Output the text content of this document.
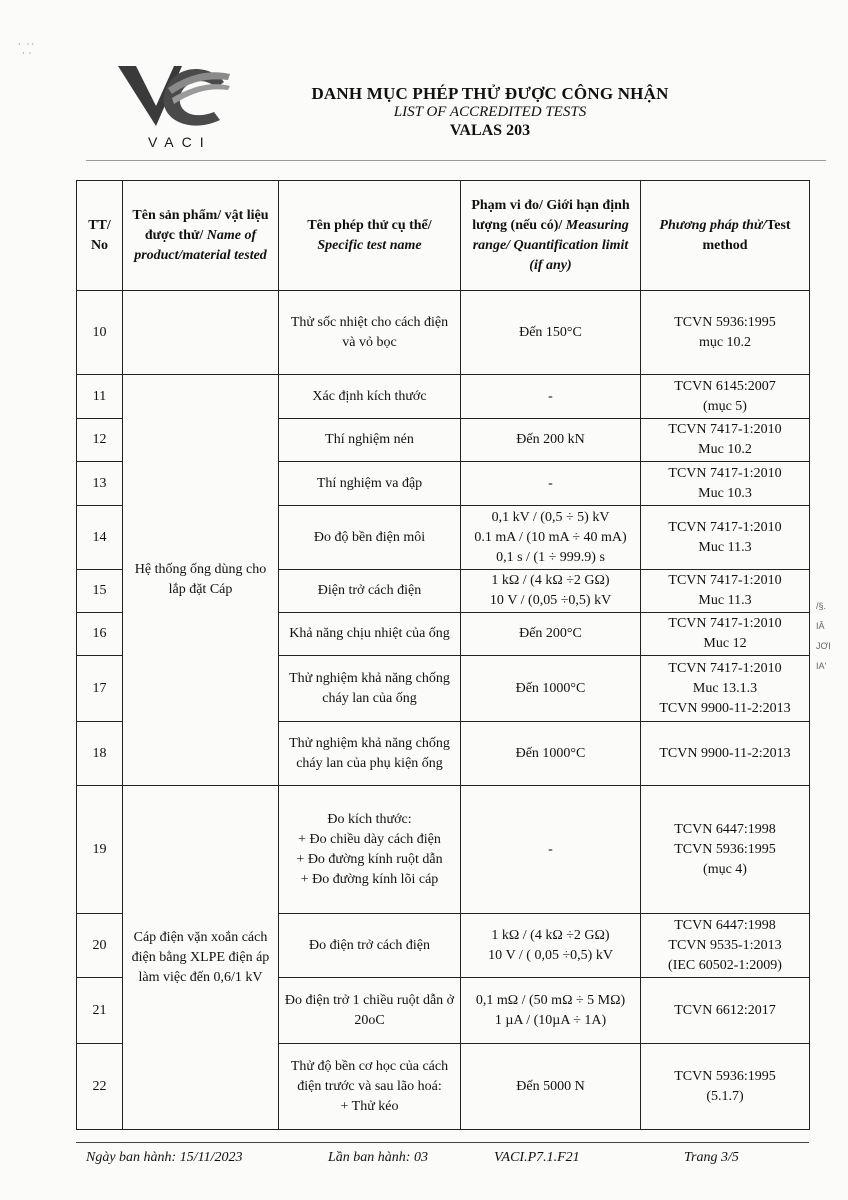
VACI
·   · ·
·  ·
DANH MỤC PHÉP THỬ ĐƯỢC CÔNG NHẬN
LIST OF ACCREDITED TESTS
VALAS 203
TT/
No	Tên sản phẩm/ vật liệu được thử/ Name of product/material tested	Tên phép thử cụ thể/
Specific test name	Phạm vi đo/ Giới hạn định lượng (nếu có)/ Measuring range/ Quantification limit (if any)	Phương pháp thử/Test method
10		Thử sốc nhiệt cho cách điện và vỏ bọc	Đến 150°C	TCVN 5936:1995
mục 10.2
11	Hệ thống ống dùng cho lắp đặt Cáp	Xác định kích thước	-	TCVN 6145:2007
(mục 5)
12		Thí nghiệm nén	Đến 200 kN	TCVN 7417-1:2010
Muc 10.2
13		Thí nghiệm va đập	-	TCVN 7417-1:2010
Muc 10.3
14		Đo độ bền điện môi	0,1 kV / (0,5 ÷ 5) kV
0.1 mA / (10 mA ÷ 40 mA) 0,1 s / (1 ÷ 999.9) s	TCVN 7417-1:2010
Muc 11.3
15		Điện trở cách điện	1 kΩ / (4 kΩ ÷2 GΩ)
10 V / (0,05 ÷0,5) kV	TCVN 7417-1:2010
Muc 11.3
16		Khả năng chịu nhiệt của ống	Đến 200°C	TCVN 7417-1:2010
Muc 12
17		Thử nghiệm khả năng chống cháy lan của ống	Đến 1000°C	TCVN 7417-1:2010
Muc 13.1.3
TCVN 9900-11-2:2013
18		Thử nghiệm khả năng chống cháy lan của phụ kiện ống	Đến 1000°C	TCVN 9900-11-2:2013
19	Cáp điện vặn xoắn cách điện bằng XLPE điện áp làm việc đến 0,6/1 kV	Đo kích thước:
+ Đo chiều dày cách điện
+ Đo đường kính ruột dẫn
+ Đo đường kính lõi cáp	-	TCVN 6447:1998
TCVN 5936:1995
(mục 4)
20		Đo điện trở cách điện	1 kΩ / (4 kΩ ÷2 GΩ)
10 V / ( 0,05 ÷0,5) kV	TCVN 6447:1998
TCVN 9535-1:2013
(IEC 60502-1:2009)
21		Đo điện trở 1 chiều ruột dẫn ở 20oC	0,1 mΩ / (50 mΩ ÷ 5 MΩ)
1 µA / (10µA ÷ 1A)	TCVN 6612:2017
22		Thử độ bền cơ học của cách điện trước và sau lão hoá:
+ Thử kéo	Đến 5000 N	TCVN 5936:1995
(5.1.7)
/§.
IÂ
JƠI
IA'
Ngày ban hành: 15/11/2023	Lần ban hành: 03	VACI.P7.1.F21	Trang 3/5
